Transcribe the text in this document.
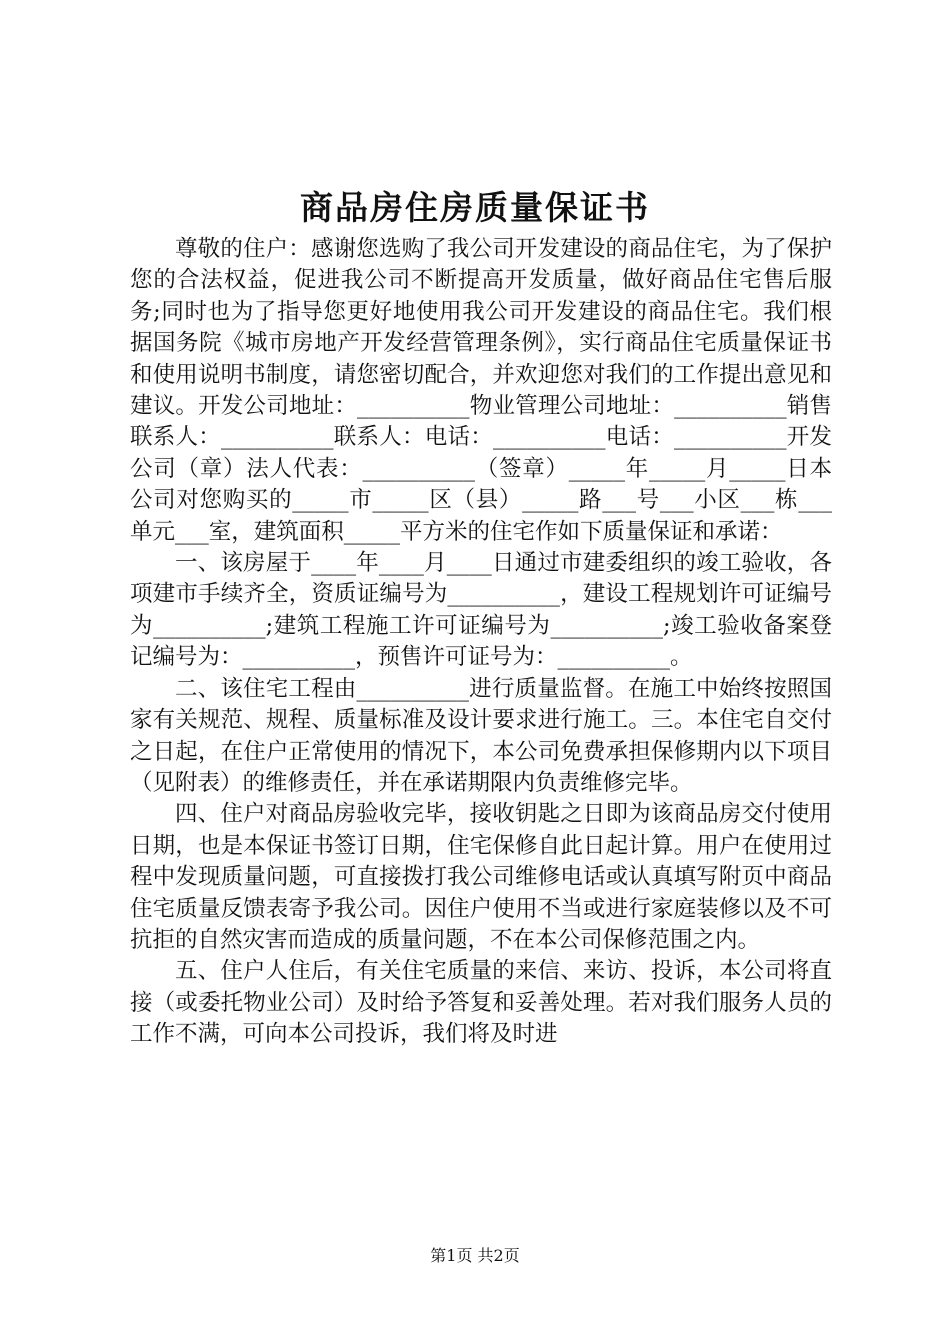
商品房住房质量保证书

尊敬的住户：感谢您选购了我公司开发建设的商品住宅，为了保护您的合法权益，促进我公司不断提高开发质量，做好商品住宅售后服务;同时也为了指导您更好地使用我公司开发建设的商品住宅。我们根据国务院《城市房地产开发经营管理条例》，实行商品住宅质量保证书和使用说明书制度，请您密切配合，并欢迎您对我们的工作提出意见和建议。开发公司地址：__________物业管理公司地址：__________销售联系人：__________联系人：电话：__________电话：__________开发公司（章）法人代表：__________（签章）_____年_____月_____日本公司对您购买的_____市_____区（县）_____路___号___小区___栋___单元___室，建筑面积_____平方米的住宅作如下质量保证和承诺：

一、该房屋于____年____月____日通过市建委组织的竣工验收，各项建市手续齐全，资质证编号为__________，建设工程规划许可证编号为__________;建筑工程施工许可证编号为__________;竣工验收备案登记编号为：__________，预售许可证号为：__________。

二、该住宅工程由__________进行质量监督。在施工中始终按照国家有关规范、规程、质量标准及设计要求进行施工。三。本住宅自交付之日起，在住户正常使用的情况下，本公司免费承担保修期内以下项目（见附表）的维修责任，并在承诺期限内负责维修完毕。

四、住户对商品房验收完毕，接收钥匙之日即为该商品房交付使用日期，也是本保证书签订日期，住宅保修自此日起计算。用户在使用过程中发现质量问题，可直接拨打我公司维修电话或认真填写附页中商品住宅质量反馈表寄予我公司。因住户使用不当或进行家庭装修以及不可抗拒的自然灾害而造成的质量问题，不在本公司保修范围之内。

五、住户人住后，有关住宅质量的来信、来访、投诉，本公司将直接（或委托物业公司）及时给予答复和妥善处理。若对我们服务人员的工作不满，可向本公司投诉，我们将及时进

第1页 共2页
